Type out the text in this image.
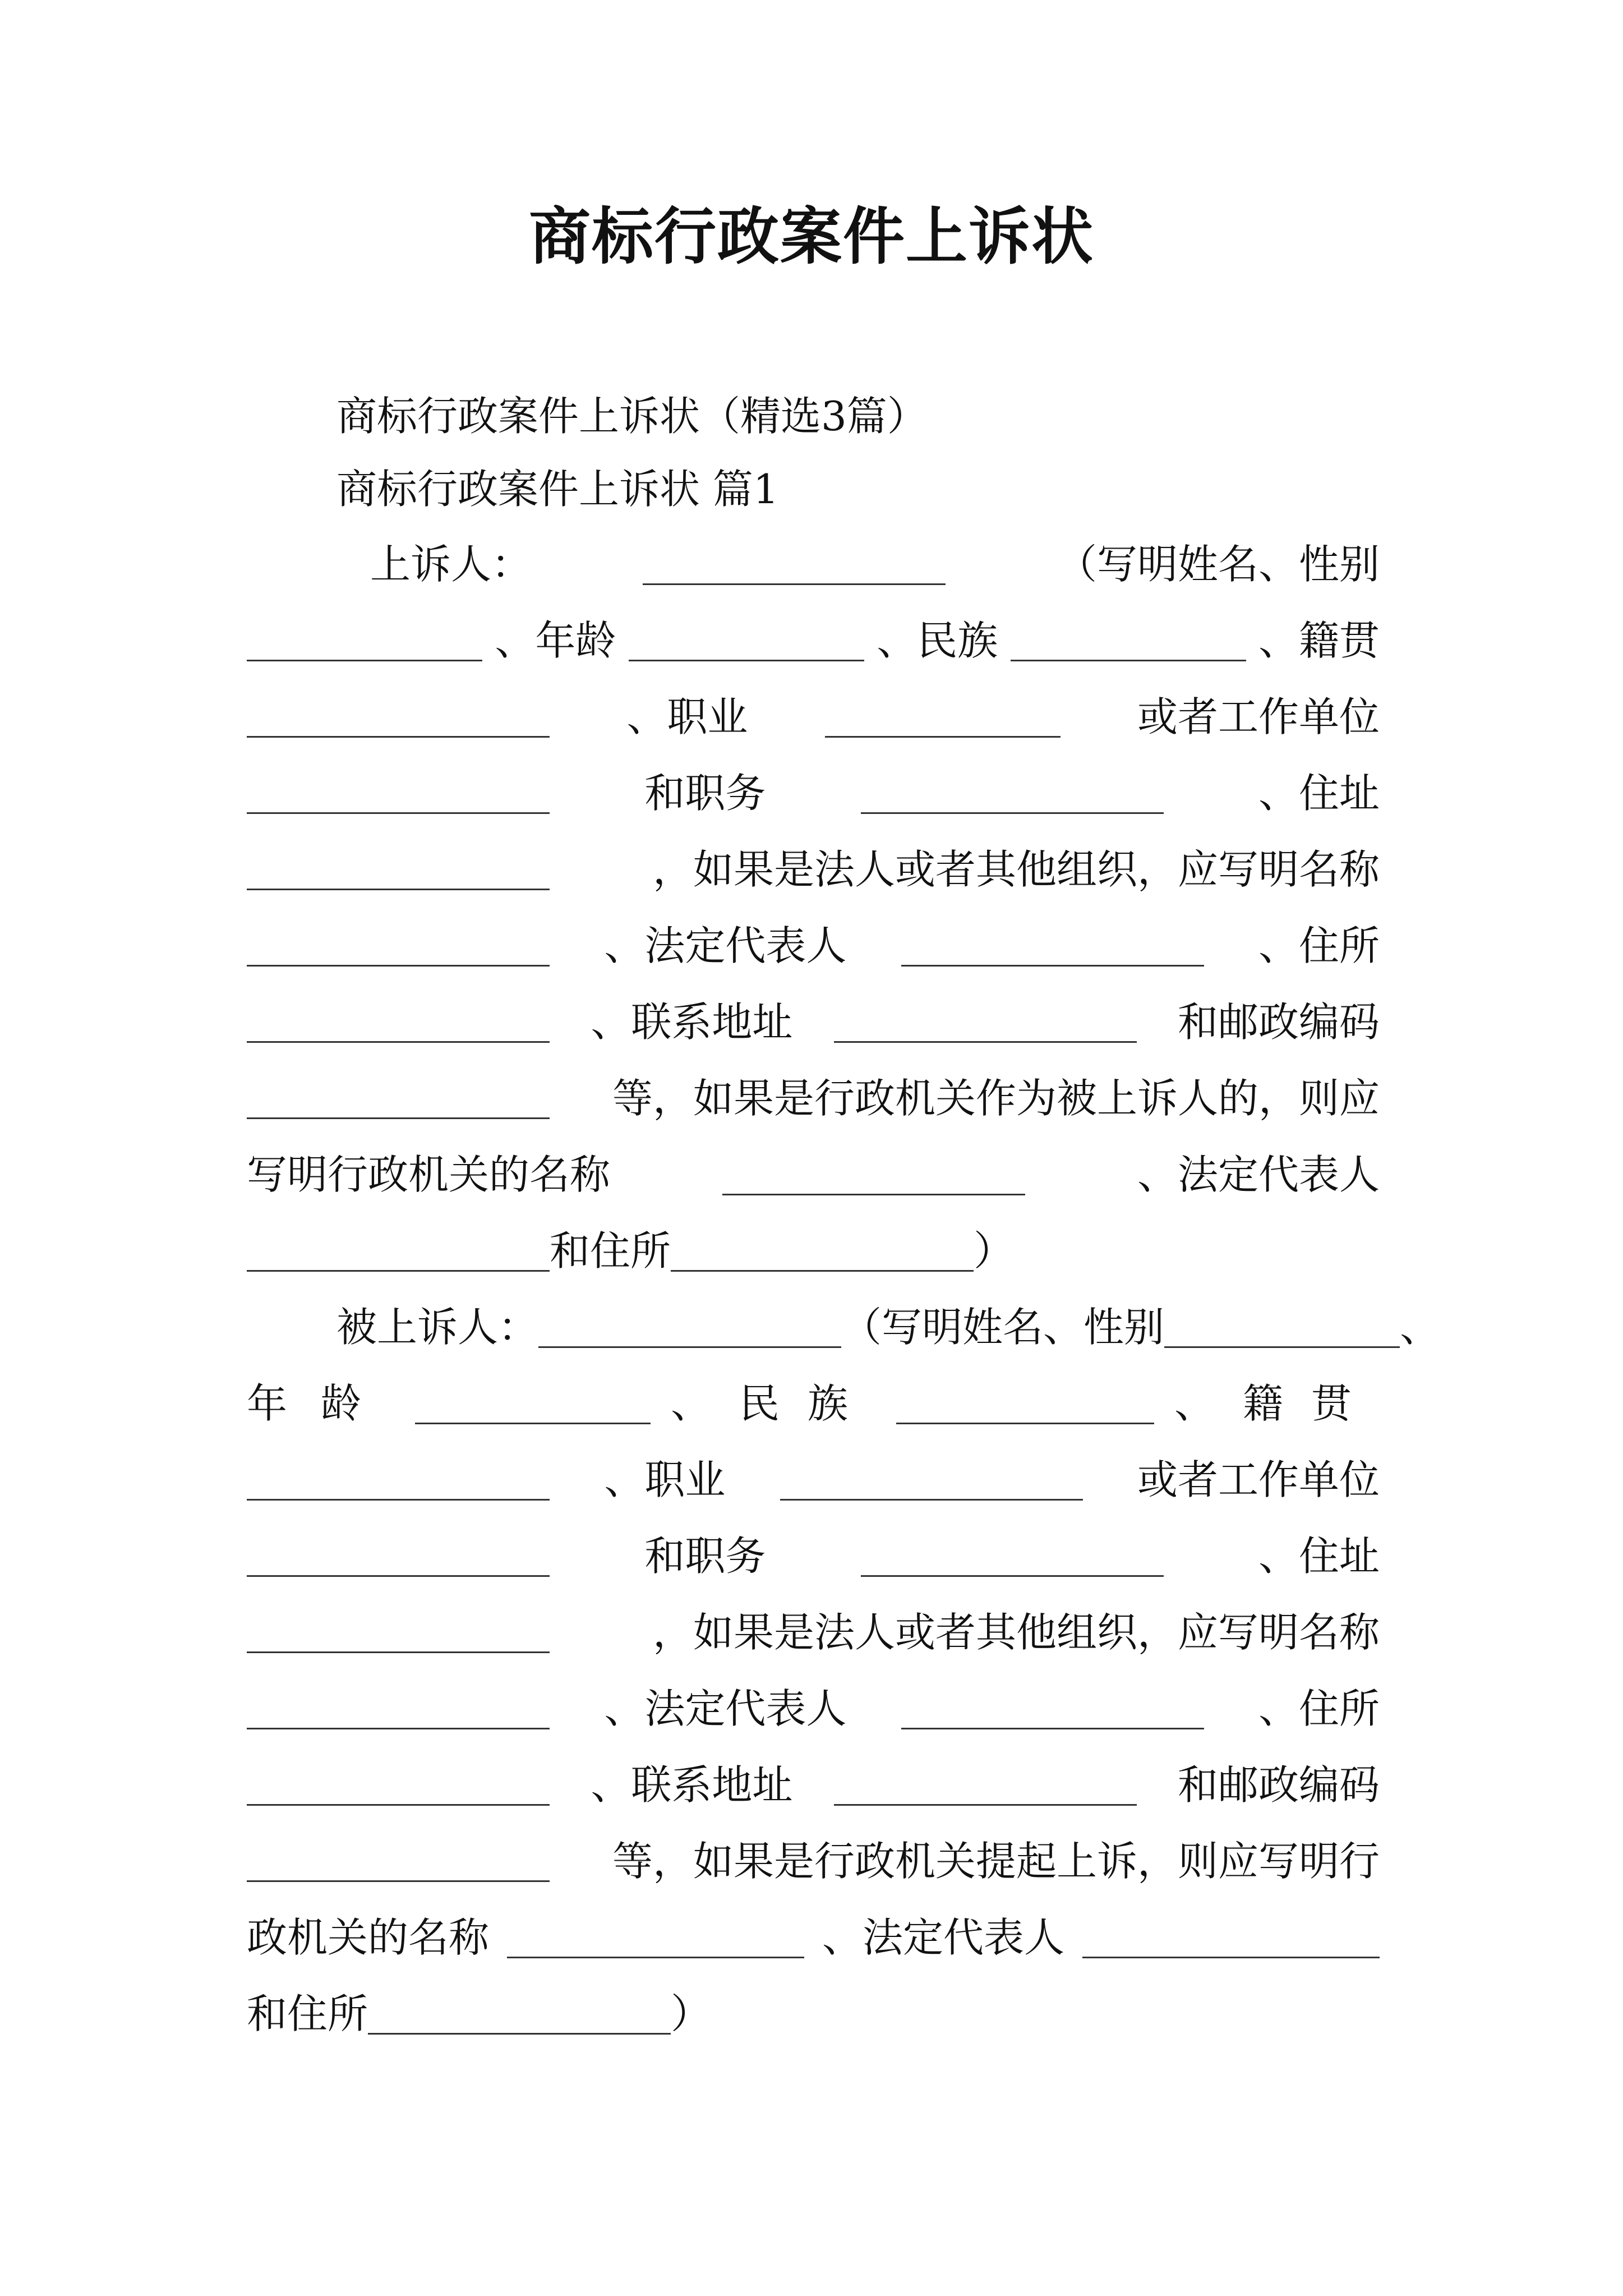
商标行政案件上诉状
商标行政案件上诉状（精选3篇）
商标行政案件上诉状 篇1
上诉人：	（写明姓名、性别
、年龄	、民族	、籍贯
、职业	或者工作单位
和职务	、住址
，如果是法人或者其他组织，应写明名称
、法定代表人	、住所
、联系地址	和邮政编码
等，如果是行政机关作为被上诉人的，则应
写明行政机关的名称	、法定代表人
和住所	）
被上诉人：	（写明姓名、性别	、
年龄	、民族	、籍贯
、职业	或者工作单位
和职务	、住址
，如果是法人或者其他组织，应写明名称
、法定代表人	、住所
、联系地址	和邮政编码
等，如果是行政机关提起上诉，则应写明行
政机关的名称	、法定代表人
和住所	）
